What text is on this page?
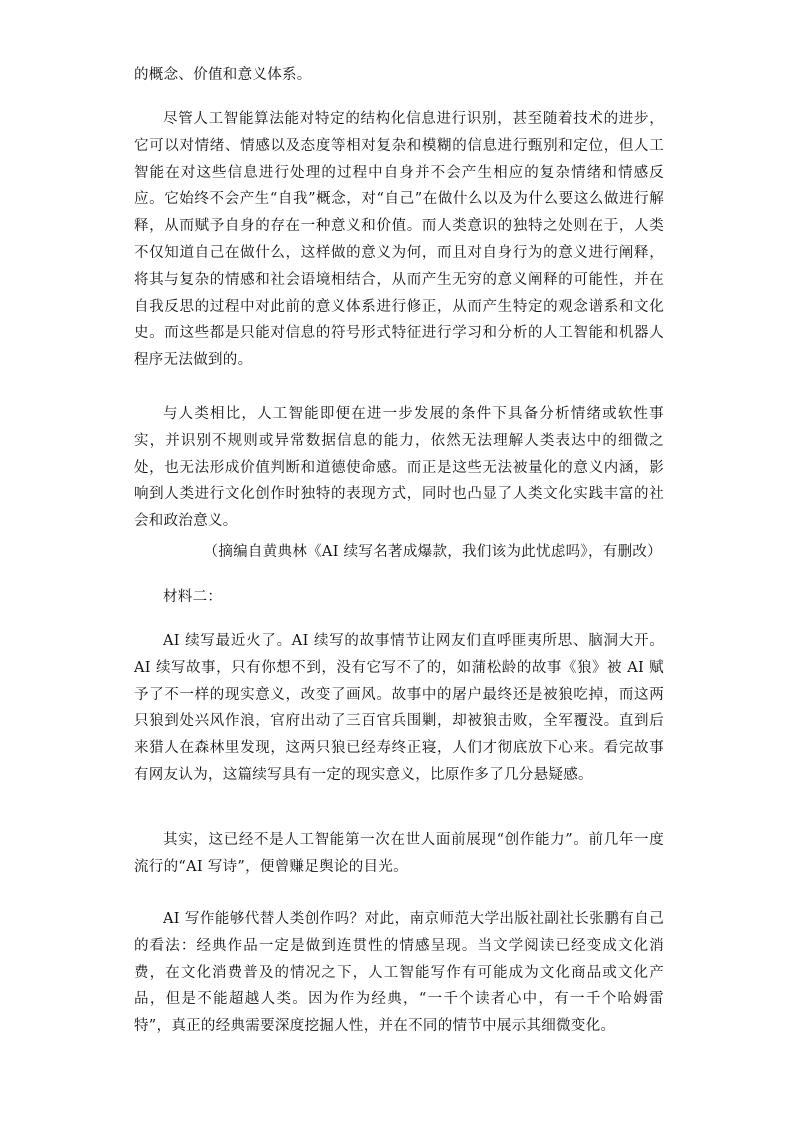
的概念、价值和意义体系。

尽管人工智能算法能对特定的结构化信息进行识别，甚至随着技术的进步，它可以对情绪、情感以及态度等相对复杂和模糊的信息进行甄别和定位，但人工智能在对这些信息进行处理的过程中自身并不会产生相应的复杂情绪和情感反应。它始终不会产生“自我”概念，对“自己”在做什么以及为什么要这么做进行解释，从而赋予自身的存在一种意义和价值。而人类意识的独特之处则在于，人类不仅知道自己在做什么，这样做的意义为何，而且对自身行为的意义进行阐释，将其与复杂的情感和社会语境相结合，从而产生无穷的意义阐释的可能性，并在自我反思的过程中对此前的意义体系进行修正，从而产生特定的观念谱系和文化史。而这些都是只能对信息的符号形式特征进行学习和分析的人工智能和机器人程序无法做到的。

与人类相比，人工智能即便在进一步发展的条件下具备分析情绪或软性事实，并识别不规则或异常数据信息的能力，依然无法理解人类表达中的细微之处，也无法形成价值判断和道德使命感。而正是这些无法被量化的意义内涵，影响到人类进行文化创作时独特的表现方式，同时也凸显了人类文化实践丰富的社会和政治意义。

（摘编自黄典林《AI 续写名著成爆款，我们该为此忧虑吗》，有删改）

材料二：

AI 续写最近火了。AI 续写的故事情节让网友们直呼匪夷所思、脑洞大开。AI 续写故事，只有你想不到，没有它写不了的，如蒲松龄的故事《狼》被 AI 赋予了不一样的现实意义，改变了画风。故事中的屠户最终还是被狼吃掉，而这两只狼到处兴风作浪，官府出动了三百官兵围剿，却被狼击败，全军覆没。直到后来猎人在森林里发现，这两只狼已经寿终正寝，人们才彻底放下心来。看完故事有网友认为，这篇续写具有一定的现实意义，比原作多了几分悬疑感。

其实，这已经不是人工智能第一次在世人面前展现“创作能力”。前几年一度流行的“AI 写诗”，便曾赚足舆论的目光。

AI 写作能够代替人类创作吗？对此，南京师范大学出版社副社长张鹏有自己的看法：经典作品一定是做到连贯性的情感呈现。当文学阅读已经变成文化消费，在文化消费普及的情况之下，人工智能写作有可能成为文化商品或文化产品，但是不能超越人类。因为作为经典，“一千个读者心中，有一千个哈姆雷特”，真正的经典需要深度挖掘人性，并在不同的情节中展示其细微变化。
